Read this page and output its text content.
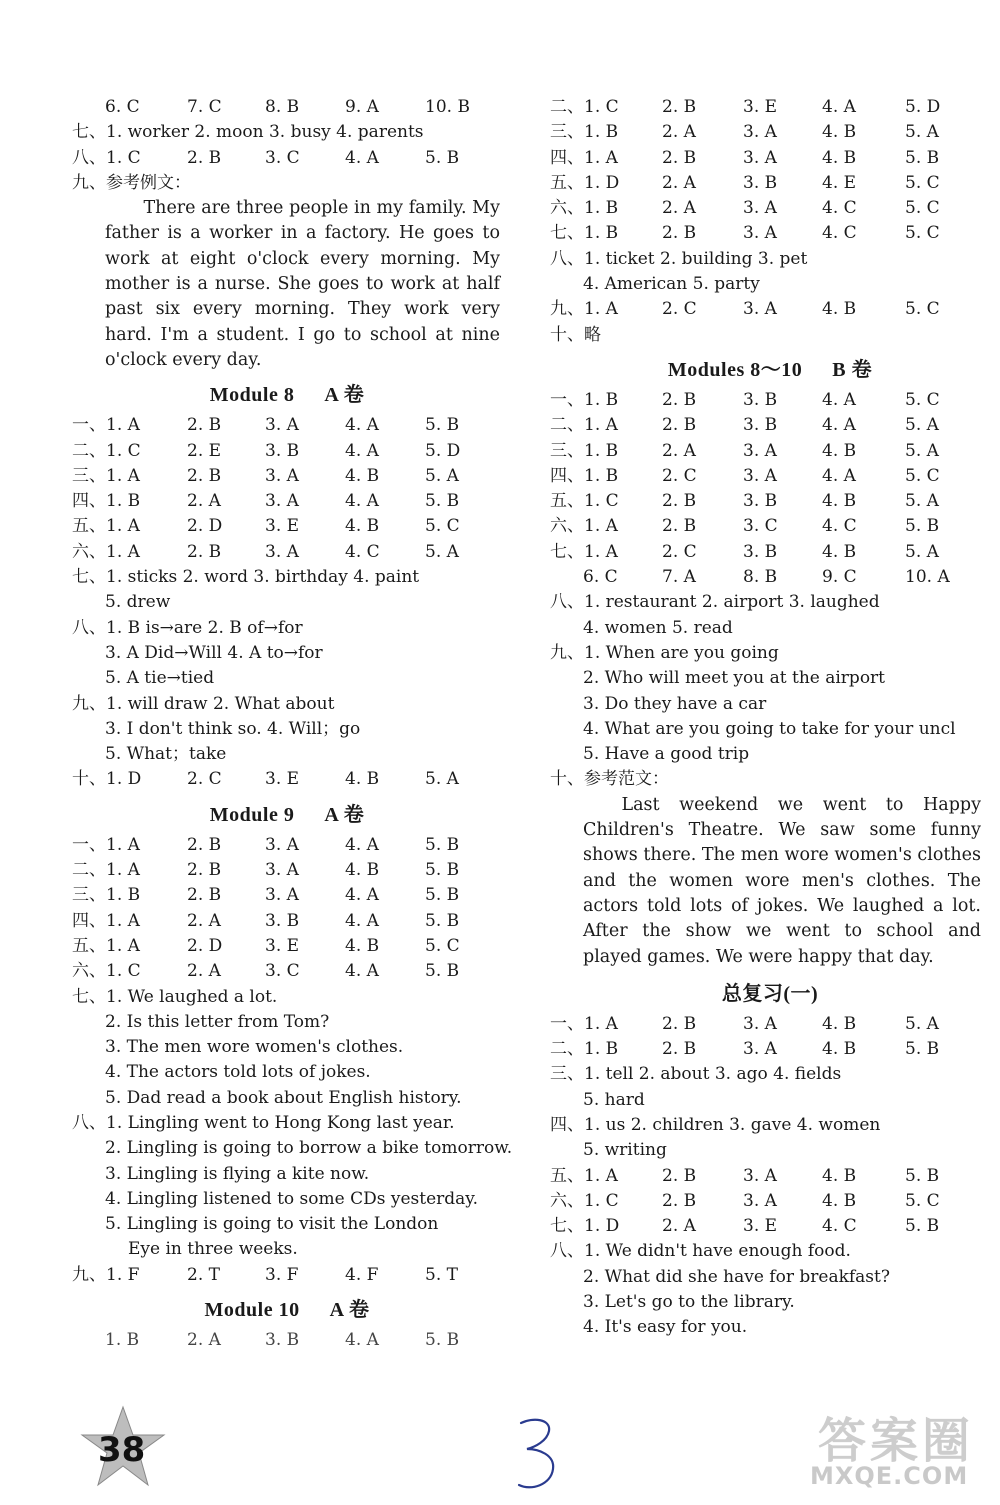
6. C	7. C	8. B	9. A	10. B
七、1. worker 2. moon 3. busy 4. parents
八、1. C	2. B	3. C	4. A	5. B
九、参考例文：

There are three people in my family. My father is a worker in a factory. He goes to work at eight o'clock every morning. My mother is a nurse. She goes to work at half past six every morning. They work very hard. I'm a student. I go to school at nine o'clock every day.

Module 8 A 卷
一、1. A	2. B	3. A	4. A	5. B
二、1. C	2. E	3. B	4. A	5. D
三、1. A	2. B	3. A	4. B	5. A
四、1. B	2. A	3. A	4. A	5. B
五、1. A	2. D	3. E	4. B	5. C
六、1. A	2. B	3. A	4. C	5. A
七、1. sticks 2. word 3. birthday 4. paint
5. drew
八、1. B is→are 2. B of→for
3. A Did→Will 4. A to→for
5. A tie→tied
九、1. will draw 2. What about
3. I don't think so. 4. Will；go
5. What；take
十、1. D	2. C	3. E	4. B	5. A
Module 9 A 卷
一、1. A	2. B	3. A	4. A	5. B
二、1. A	2. B	3. A	4. B	5. B
三、1. B	2. B	3. A	4. A	5. B
四、1. A	2. A	3. B	4. A	5. B
五、1. A	2. D	3. E	4. B	5. C
六、1. C	2. A	3. C	4. A	5. B
七、1. We laughed a lot.
2. Is this letter from Tom?
3. The men wore women's clothes.
4. The actors told lots of jokes.
5. Dad read a book about English history.
八、1. Lingling went to Hong Kong last year.
2. Lingling is going to borrow a bike tomorrow.
3. Lingling is flying a kite now.
4. Lingling listened to some CDs yesterday.
5. Lingling is going to visit the London
Eye in three weeks.
九、1. F	2. T	3. F	4. F	5. T
Module 10 A 卷
1. B	2. A	3. B	4. A	5. B
二、1. C	2. B	3. E	4. A	5. D
三、1. B	2. A	3. A	4. B	5. A
四、1. A	2. B	3. A	4. B	5. B
五、1. D	2. A	3. B	4. E	5. C
六、1. B	2. A	3. A	4. C	5. C
七、1. B	2. B	3. A	4. C	5. C
八、1. ticket 2. building 3. pet
4. American 5. party
九、1. A	2. C	3. A	4. B	5. C
十、略
Modules 8～10 B 卷
一、1. B	2. B	3. B	4. A	5. C
二、1. A	2. B	3. B	4. A	5. A
三、1. B	2. A	3. A	4. B	5. A
四、1. B	2. C	3. A	4. A	5. C
五、1. C	2. B	3. B	4. B	5. A
六、1. A	2. B	3. C	4. C	5. B
七、1. A	2. C	3. B	4. B	5. A
6. C	7. A	8. B	9. C	10. A
八、1. restaurant 2. airport 3. laughed
4. women 5. read
九、1. When are you going
2. Who will meet you at the airport
3. Do they have a car
4. What are you going to take for your uncl
5. Have a good trip
十、参考范文：

Last weekend we went to Happy Children's Theatre. We saw some funny shows there. The men wore women's clothes and the women wore men's clothes. The actors told lots of jokes. We laughed a lot. After the show we went to school and played games. We were happy that day.

总复习(一)
一、1. A	2. B	3. A	4. B	5. A
二、1. B	2. B	3. A	4. B	5. B
三、1. tell 2. about 3. ago 4. fields
5. hard
四、1. us 2. children 3. gave 4. women
5. writing
五、1. A	2. B	3. A	4. B	5. B
六、1. C	2. B	3. A	4. B	5. C
七、1. D	2. A	3. E	4. C	5. B
八、1. We didn't have enough food.
2. What did she have for breakfast?
3. Let's go to the library.
4. It's easy for you.
38	答案圈
MXQE.COM
